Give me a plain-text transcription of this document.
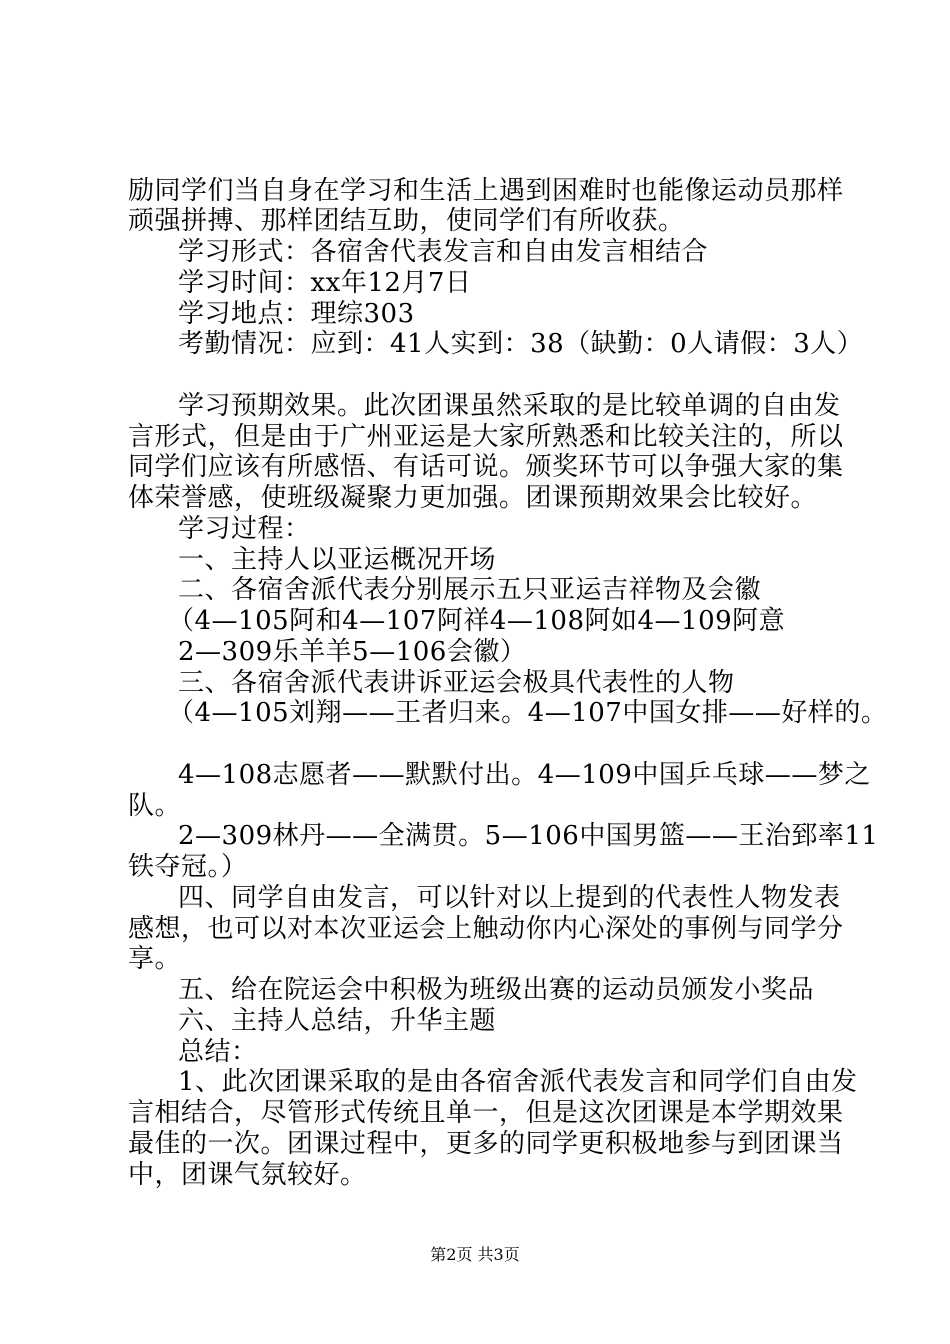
励同学们当自身在学习和生活上遇到困难时也能像运动员那样
顽强拼搏、那样团结互助，使同学们有所收获。
学习形式：各宿舍代表发言和自由发言相结合
学习时间：xx年12月7日
学习地点：理综303
考勤情况：应到：41人实到：38（缺勤：0人请假：3人）
学习预期效果。此次团课虽然采取的是比较单调的自由发
言形式，但是由于广州亚运是大家所熟悉和比较关注的，所以
同学们应该有所感悟、有话可说。颁奖环节可以争强大家的集
体荣誉感，使班级凝聚力更加强。团课预期效果会比较好。
学习过程：
一、主持人以亚运概况开场
二、各宿舍派代表分别展示五只亚运吉祥物及会徽
（4—105阿和4—107阿祥4—108阿如4—109阿意
2—309乐羊羊5—106会徽）
三、各宿舍派代表讲诉亚运会极具代表性的人物
（4—105刘翔——王者归来。4—107中国女排——好样的。
4—108志愿者——默默付出。4—109中国乒乓球——梦之
队。
2—309林丹——全满贯。5—106中国男篮——王治郅率11
铁夺冠。）
四、同学自由发言，可以针对以上提到的代表性人物发表
感想，也可以对本次亚运会上触动你内心深处的事例与同学分
享。
五、给在院运会中积极为班级出赛的运动员颁发小奖品
六、主持人总结，升华主题
总结：
1、此次团课采取的是由各宿舍派代表发言和同学们自由发
言相结合，尽管形式传统且单一，但是这次团课是本学期效果
最佳的一次。团课过程中，更多的同学更积极地参与到团课当
中，团课气氛较好。
第2页 共3页
